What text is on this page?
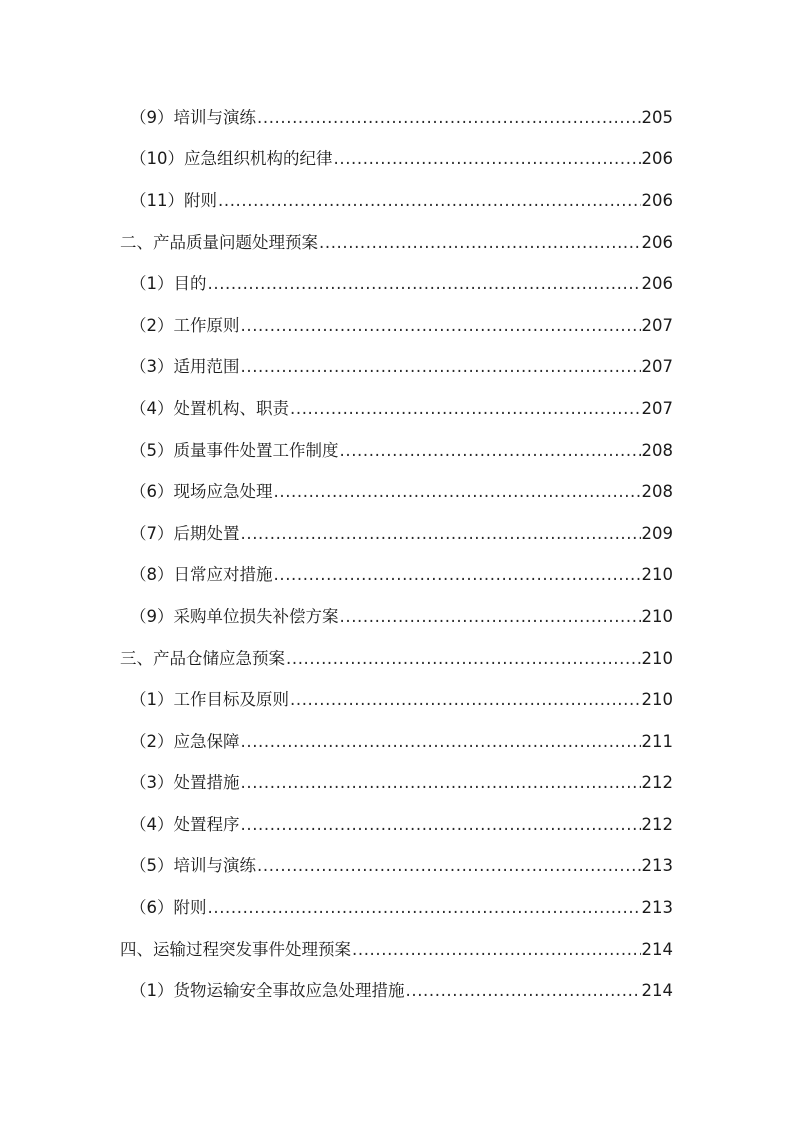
（9）培训与演练 .....	205
（10）应急组织机构的纪律 .....	206
（11）附则 .....	206
二、产品质量问题处理预案 .....	206
（1）目的 .....	206
（2）工作原则 .....	207
（3）适用范围 .....	207
（4）处置机构、职责 .....	207
（5）质量事件处置工作制度 .....	208
（6）现场应急处理 .....	208
（7）后期处置 .....	209
（8）日常应对措施 .....	210
（9）采购单位损失补偿方案 .....	210
三、产品仓储应急预案 .....	210
（1）工作目标及原则 .....	210
（2）应急保障 .....	211
（3）处置措施 .....	212
（4）处置程序 .....	212
（5）培训与演练 .....	213
（6）附则 .....	213
四、运输过程突发事件处理预案 .....	214
（1）货物运输安全事故应急处理措施 .....	214
